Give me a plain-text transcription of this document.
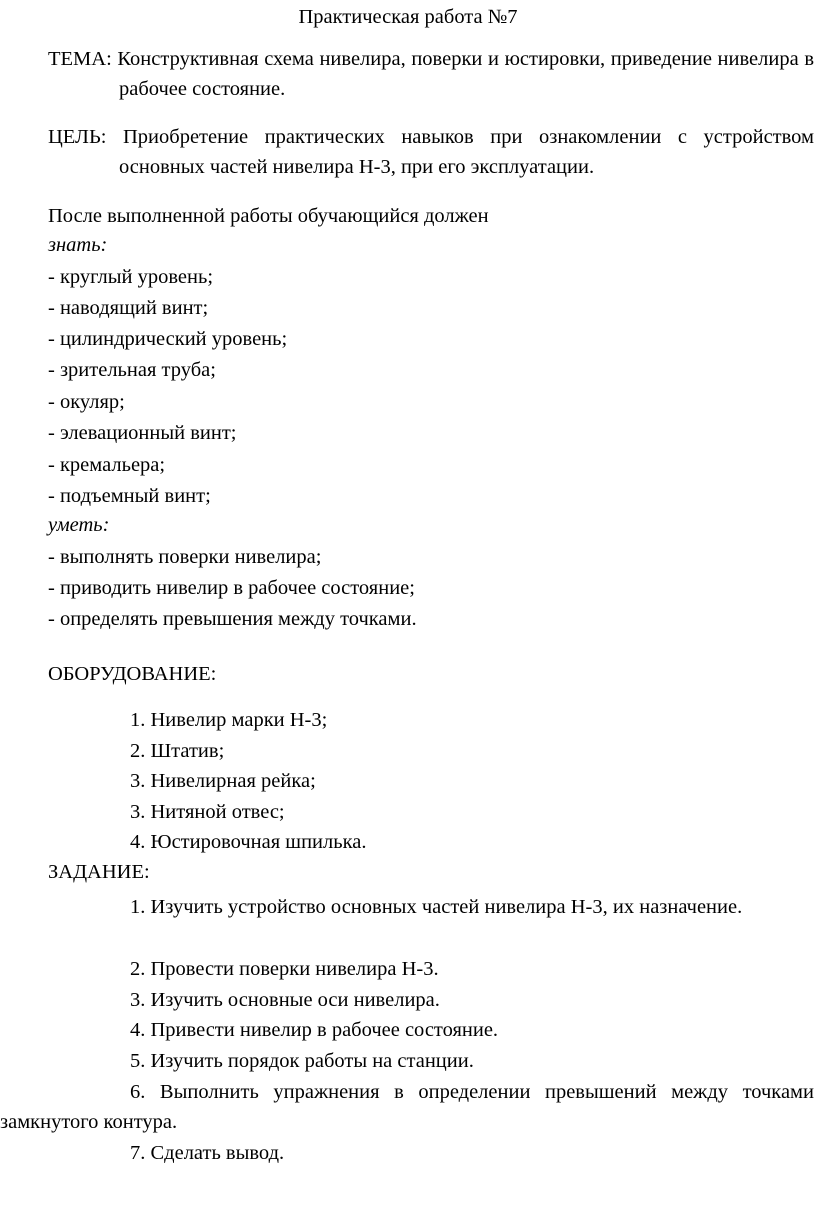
Практическая работа №7
ТЕМА: Конструктивная схема нивелира, поверки и юстировки, приведение нивелира в рабочее состояние.
ЦЕЛЬ: Приобретение практических навыков при ознакомлении с устройством основных частей нивелира Н-3, при его эксплуатации.
После выполненной работы обучающийся должен
знать:
- круглый уровень;
- наводящий винт;
- цилиндрический уровень;
- зрительная труба;
- окуляр;
- элевационный винт;
- кремальера;
- подъемный винт;
уметь:
- выполнять поверки нивелира;
- приводить нивелир в рабочее состояние;
- определять превышения между точками.
ОБОРУДОВАНИЕ:
1. Нивелир марки Н-3;
2. Штатив;
3. Нивелирная рейка;
3. Нитяной отвес;
4. Юстировочная шпилька.
ЗАДАНИЕ:
1. Изучить устройство основных частей нивелира Н-3, их назначение.
2. Провести поверки нивелира Н-3.
3. Изучить основные оси нивелира.
4. Привести нивелир в рабочее состояние.
5. Изучить порядок работы на станции.
6. Выполнить упражнения в определении превышений между точками замкнутого контура.
7. Сделать вывод.
